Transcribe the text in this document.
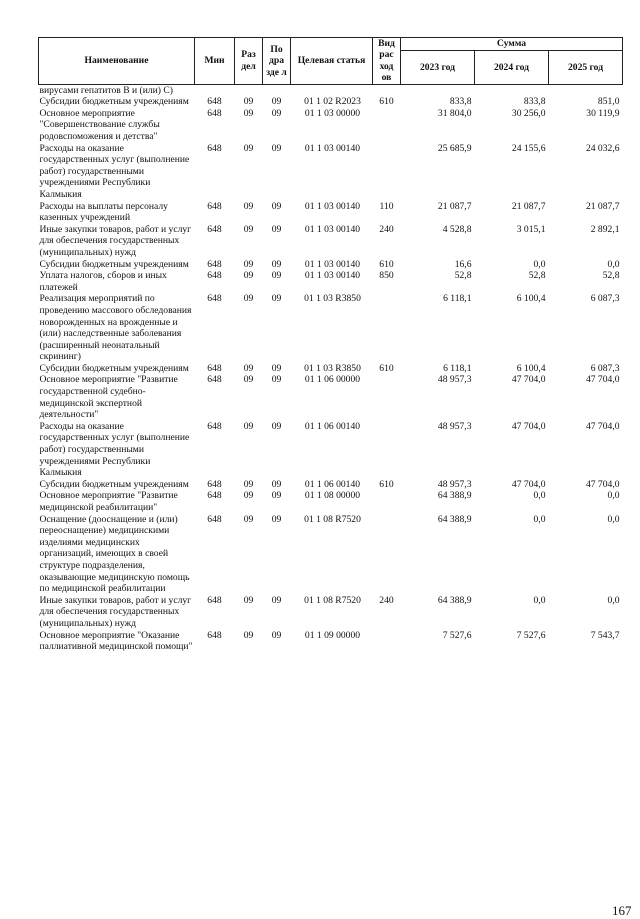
Наименование	Мин	Раз дел	По дра зде л	Целевая статья	Вид рас ход ов	Сумма		
						2023 год	2024 год	2025 год
вирусами гепатитов В и (или) С)								
Субсидии бюджетным учреждениям	648	09	09	01 1 02 R2023	610	833,8	833,8	851,0
Основное мероприятие "Совершенствование службы родовспоможения и детства"	648	09	09	01 1 03 00000		31 804,0	30 256,0	30 119,9
Расходы на оказание государственных услуг (выполнение работ) государственными учреждениями Республики Калмыкия	648	09	09	01 1 03 00140		25 685,9	24 155,6	24 032,6
Расходы на выплаты персоналу казенных учреждений	648	09	09	01 1 03 00140	110	21 087,7	21 087,7	21 087,7
Иные закупки товаров, работ и услуг для обеспечения государственных (муниципальных) нужд	648	09	09	01 1 03 00140	240	4 528,8	3 015,1	2 892,1
Субсидии бюджетным учреждениям	648	09	09	01 1 03 00140	610	16,6	0,0	0,0
Уплата налогов, сборов и иных платежей	648	09	09	01 1 03 00140	850	52,8	52,8	52,8
Реализация мероприятий по проведению массового обследования новорожденных на врожденные и (или) наследственные заболевания (расширенный неонатальный скрининг)	648	09	09	01 1 03 R3850		6 118,1	6 100,4	6 087,3
Субсидии бюджетным учреждениям	648	09	09	01 1 03 R3850	610	6 118,1	6 100,4	6 087,3
Основное мероприятие "Развитие государственной судебно-медицинской экспертной деятельности"	648	09	09	01 1 06 00000		48 957,3	47 704,0	47 704,0
Расходы на оказание государственных услуг (выполнение работ) государственными учреждениями Республики Калмыкия	648	09	09	01 1 06 00140		48 957,3	47 704,0	47 704,0
Субсидии бюджетным учреждениям	648	09	09	01 1 06 00140	610	48 957,3	47 704,0	47 704,0
Основное мероприятие "Развитие медицинской реабилитации"	648	09	09	01 1 08 00000		64 388,9	0,0	0,0
Оснащение (дооснащение и (или) переоснащение) медицинскими изделиями медицинских организаций, имеющих в своей структуре подразделения, оказывающие медицинскую помощь по медицинской реабилитации	648	09	09	01 1 08 R7520		64 388,9	0,0	0,0
Иные закупки товаров, работ и услуг для обеспечения государственных (муниципальных) нужд	648	09	09	01 1 08 R7520	240	64 388,9	0,0	0,0
Основное мероприятие "Оказание паллиативной медицинской помощи"	648	09	09	01 1 09 00000		7 527,6	7 527,6	7 543,7
167
